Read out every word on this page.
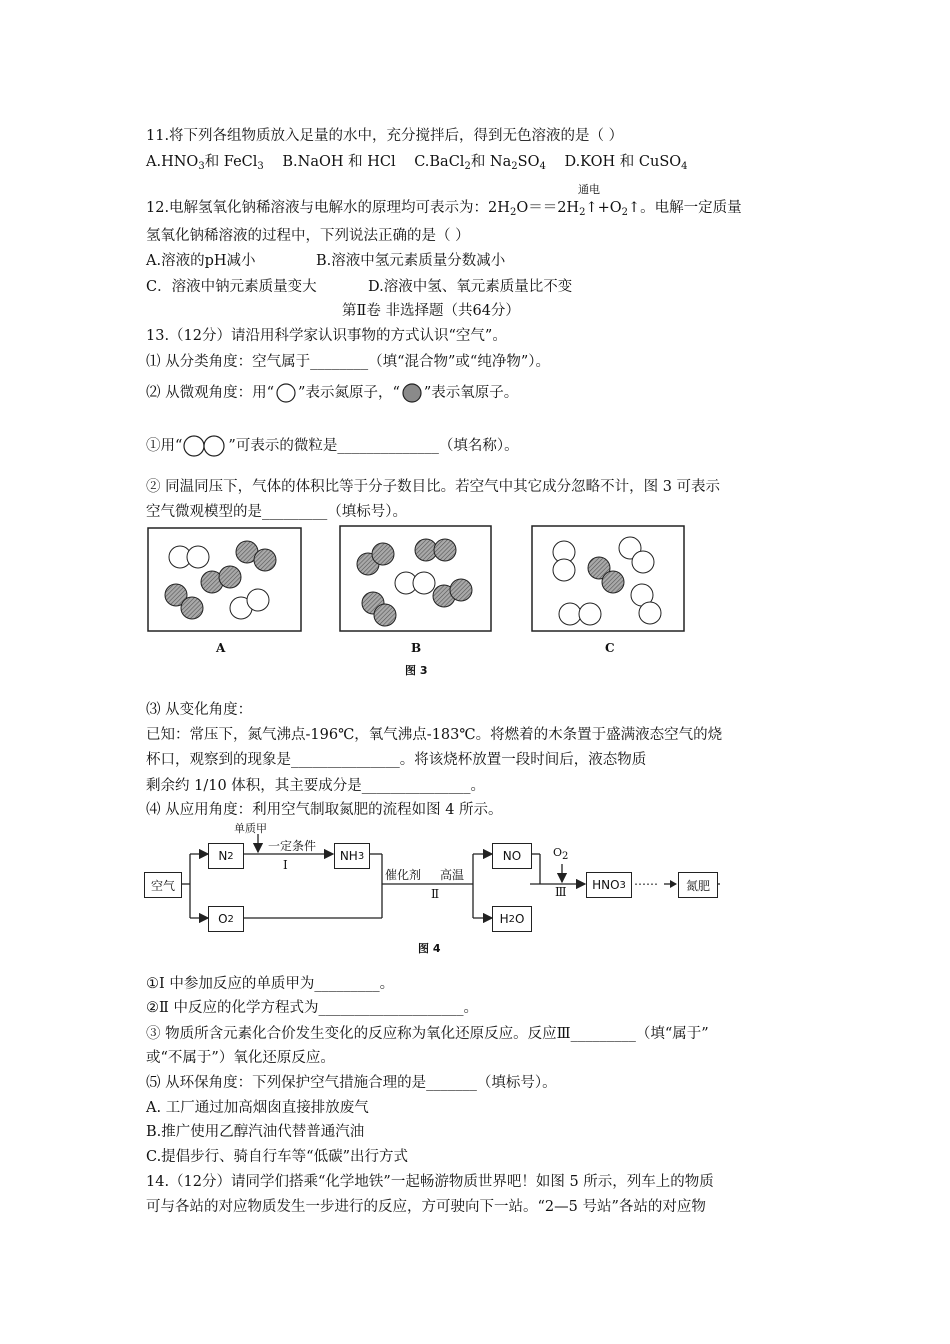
11.将下列各组物质放入足量的水中，充分搅拌后，得到无色溶液的是（ ）
$A.HNO_3$和 FeCl$_3$ B.NaOH 和 HCl C.BaCl$_2$和 $Na_2SO_4$ D.KOH 和 CuSO$_4$
通电
12.电解氢氧化钠稀溶液与电解水的原理均可表示为：$2H_2O==2H_2↑+O_2↑$。电解一定质量
氢氧化钠稀溶液的过程中，下列说法正确的是（ ）
A.溶液的pH减小	B.溶液中氢元素质量分数减小
C．溶液中钠元素质量变大	D.溶液中氢、氧元素质量比不变
第Ⅱ卷 非选择题（共64分）
13.（12分）请沿用科学家认识事物的方式认识“空气”。
⑴ 从分类角度：空气属于________（填“混合物”或“纯净物”）。
⑵ 从微观角度：用“ ”表示氮原子，“ ”表示氧原子。
①用“	”可表示的微粒是______________（填名称）。
② 同温同压下，气体的体积比等于分子数目比。若空气中其它成分忽略不计，图 3 可表示
空气微观模型的是_________（填标号）。
A	B	C
图 3
⑶ 从变化角度：
已知：常压下，氮气沸点-196℃，氧气沸点-183℃。将燃着的木条置于盛满液态空气的烧
杯口，观察到的现象是_______________。将该烧杯放置一段时间后，液态物质
剩余约 1/10 体积，其主要成分是_______________。
⑷ 从应用角度：利用空气制取氮肥的流程如图 4 所示。
空气
N 2
O 2
NH 3	NO
H 2 O
HNO 3	氮肥
单质甲
一定条件
Ⅰ
催化剂 高温
Ⅱ
$O_2$
Ⅲ
……
图 4
①Ⅰ 中参加反应的单质甲为_________。
②Ⅱ 中反应的化学方程式为____________________。
③ 物质所含元素化合价发生变化的反应称为氧化还原反应。反应Ⅲ_________（填“属于”
或“不属于”）氧化还原反应。
⑸ 从环保角度：下列保护空气措施合理的是_______（填标号）。
A. 工厂通过加高烟囱直接排放废气
B.推广使用乙醇汽油代替普通汽油
C.提倡步行、骑自行车等“低碳”出行方式
14.（12分）请同学们搭乘“化学地铁”一起畅游物质世界吧！如图 5 所示，列车上的物质
可与各站的对应物质发生一步进行的反应，方可驶向下一站。“2—5 号站”各站的对应物
